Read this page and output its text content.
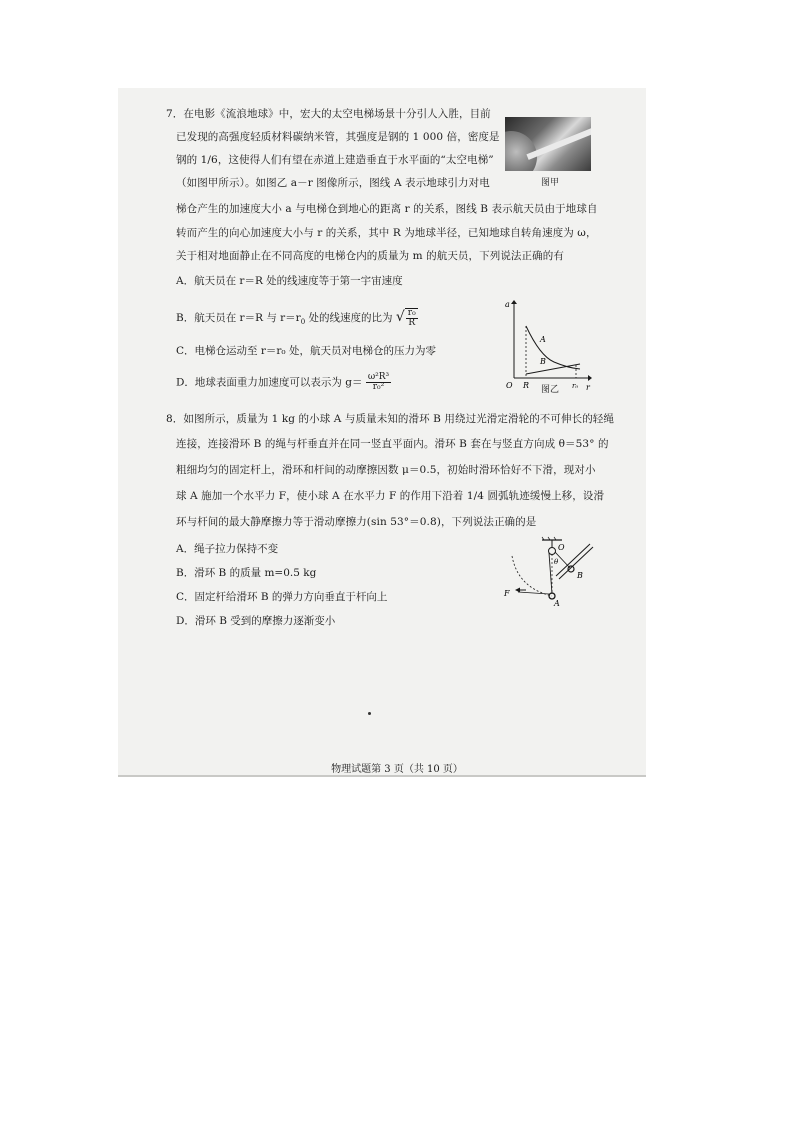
7．在电影《流浪地球》中，宏大的太空电梯场景十分引人入胜，目前
已发现的高强度轻质材料碳纳米管，其强度是钢的 1 000 倍，密度是
钢的 1/6，这使得人们有望在赤道上建造垂直于水平面的“太空电梯”
（如图甲所示）。如图乙 a－r 图像所示，图线 A 表示地球引力对电
梯仓产生的加速度大小 a 与电梯仓到地心的距离 r 的关系，图线 B 表示航天员由于地球自
转而产生的向心加速度大小与 r 的关系，其中 R 为地球半径，已知地球自转角速度为 ω，
关于相对地面静止在不同高度的电梯仓内的质量为 m 的航天员，下列说法正确的有
图甲
A．航天员在 r＝R 处的线速度等于第一宇宙速度
B．航天员在 r＝R 与 $r=r_0$ 处的线速度的比为 √ $\frac{\text{r₀}}{R}$
C．电梯仓运动至 r＝r₀ 处，航天员对电梯仓的压力为零
D．地球表面重力加速度可以表示为 $g= \frac{\text{ω²R³}}{\text{r₀²}}$
a
r
O R	r₀
A
B
图乙
8．如图所示，质量为 1 kg 的小球 A 与质量未知的滑环 B 用绕过光滑定滑轮的不可伸长的轻绳
连接，连接滑环 B 的绳与杆垂直并在同一竖直平面内。滑环 B 套在与竖直方向成 θ＝53° 的
粗细均匀的固定杆上，滑环和杆间的动摩擦因数 μ＝0.5，初始时滑环恰好不下滑，现对小
球 A 施加一个水平力 F，使小球 A 在水平力 F 的作用下沿着 1/4 圆弧轨迹缓慢上移，设滑
环与杆间的最大静摩擦力等于滑动摩擦力(sin 53°＝0.8)，下列说法正确的是
A．绳子拉力保持不变
B．滑环 B 的质量 m=0.5 kg
C．固定杆给滑环 B 的弹力方向垂直于杆向上
D．滑环 B 受到的摩擦力逐渐变小
O
θ
B
A
F
物理试题第 3 页（共 10 页）
